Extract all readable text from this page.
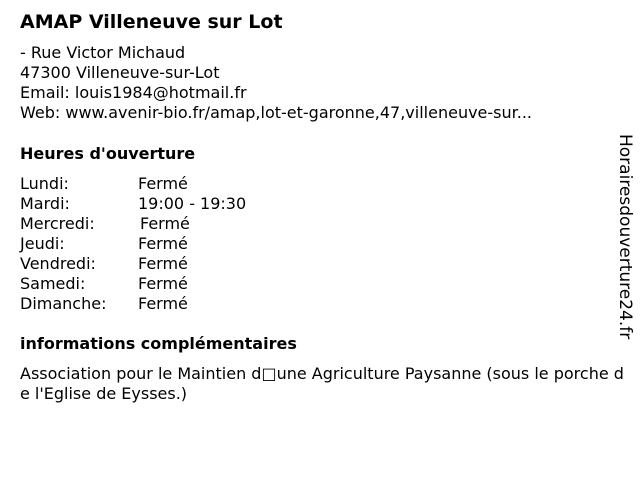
AMAP Villeneuve sur Lot
- Rue Victor Michaud
47300 Villeneuve-sur-Lot
Email: louis1984@hotmail.fr
Web: www.avenir-bio.fr/amap,lot-et-garonne,47,villeneuve-sur...
Heures d'ouverture
Lundi:	Fermé
Mardi:	19:00 - 19:30
Mercredi:	Fermé
Jeudi:	Fermé
Vendredi:	Fermé
Samedi:	Fermé
Dimanche:	Fermé
informations complémentaires
Association pour le Maintien d□une Agriculture Paysanne (sous le porche de l'Eglise de Eysses.)
Horairesdouverture24.fr
